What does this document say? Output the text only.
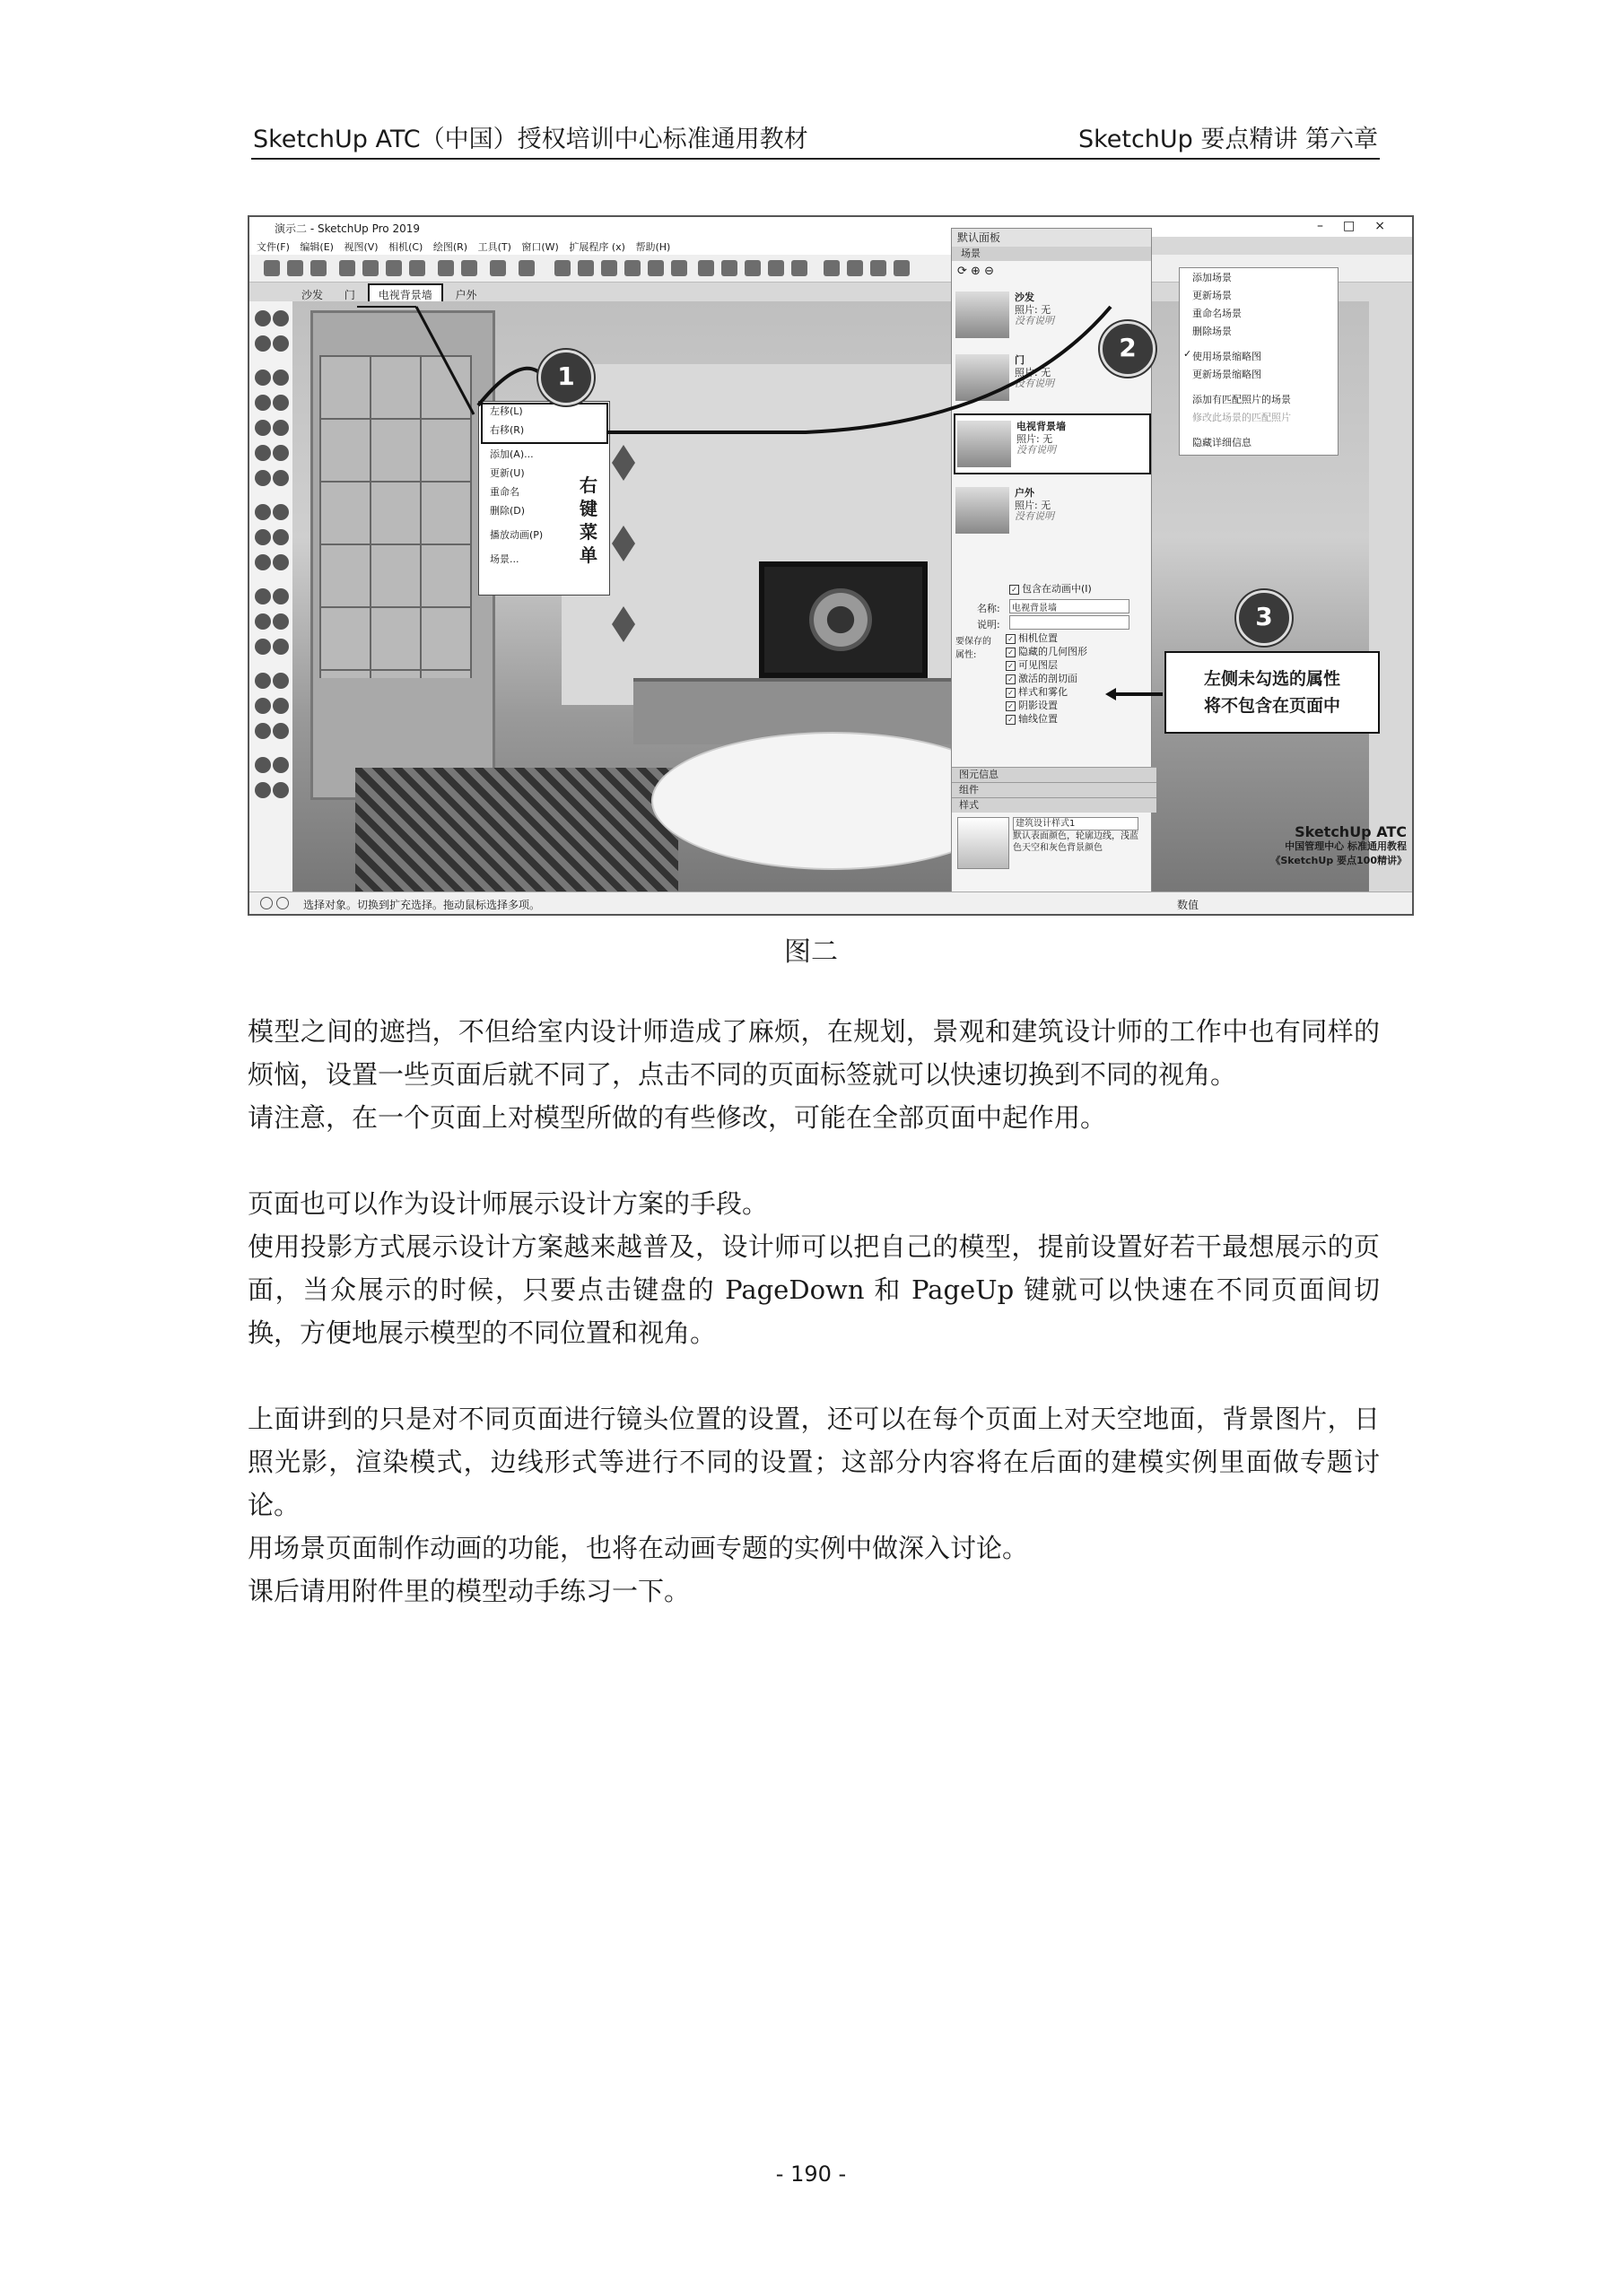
SketchUp ATC（中国）授权培训中心标准通用教材	SketchUp 要点精讲 第六章
演示二 - SketchUp Pro 2019	–□×
文件(F) 编辑(E) 视图(V) 相机(C) 绘图(R) 工具(T) 窗口(W) 扩展程序 (x) 帮助(H)
沙发 门 电视背景墙 户外
左移(L)
右移(R)
添加(A)...
更新(U)
重命名
删除(D)
播放动画(P)
场景...
右键菜单
默认面板
场景
⟳ ⊕ ⊖
沙发
照片: 无
没有说明
门
照片: 无
没有说明
电视背景墙
照片: 无
没有说明
户外
照片: 无
没有说明
✓ 包含在动画中(I)
名称:	电视背景墙
说明:
要保存的属性:
✓ 相机位置
✓ 隐藏的几何图形
✓ 可见图层
✓ 激活的剖切面
✓ 样式和雾化
✓ 阴影设置
✓ 轴线位置
图元信息
组件
样式
建筑设计样式1
默认表面颜色，轮廓边线，浅蓝色天空和灰色背景颜色
添加场景
更新场景
重命名场景
删除场景
✓ 使用场景缩略图
更新场景缩略图
添加有匹配照片的场景
修改此场景的匹配照片
隐藏详细信息
1
2
3
左侧未勾选的属性
将不包含在页面中
SketchUp ATC
中国管理中心 标准通用教程
《SketchUp 要点100精讲》
选择对象。切换到扩充选择。拖动鼠标选择多项。	数值
图二

模型之间的遮挡，不但给室内设计师造成了麻烦，在规划，景观和建筑设计师的工作中也有同样的烦恼，设置一些页面后就不同了，点击不同的页面标签就可以快速切换到不同的视角。

请注意，在一个页面上对模型所做的有些修改，可能在全部页面中起作用。

页面也可以作为设计师展示设计方案的手段。

使用投影方式展示设计方案越来越普及，设计师可以把自己的模型，提前设置好若干最想展示的页面，当众展示的时候，只要点击键盘的 PageDown 和 PageUp 键就可以快速在不同页面间切换，方便地展示模型的不同位置和视角。

上面讲到的只是对不同页面进行镜头位置的设置，还可以在每个页面上对天空地面，背景图片，日照光影，渲染模式，边线形式等进行不同的设置；这部分内容将在后面的建模实例里面做专题讨论。

用场景页面制作动画的功能，也将在动画专题的实例中做深入讨论。

课后请用附件里的模型动手练习一下。

- 190 -
